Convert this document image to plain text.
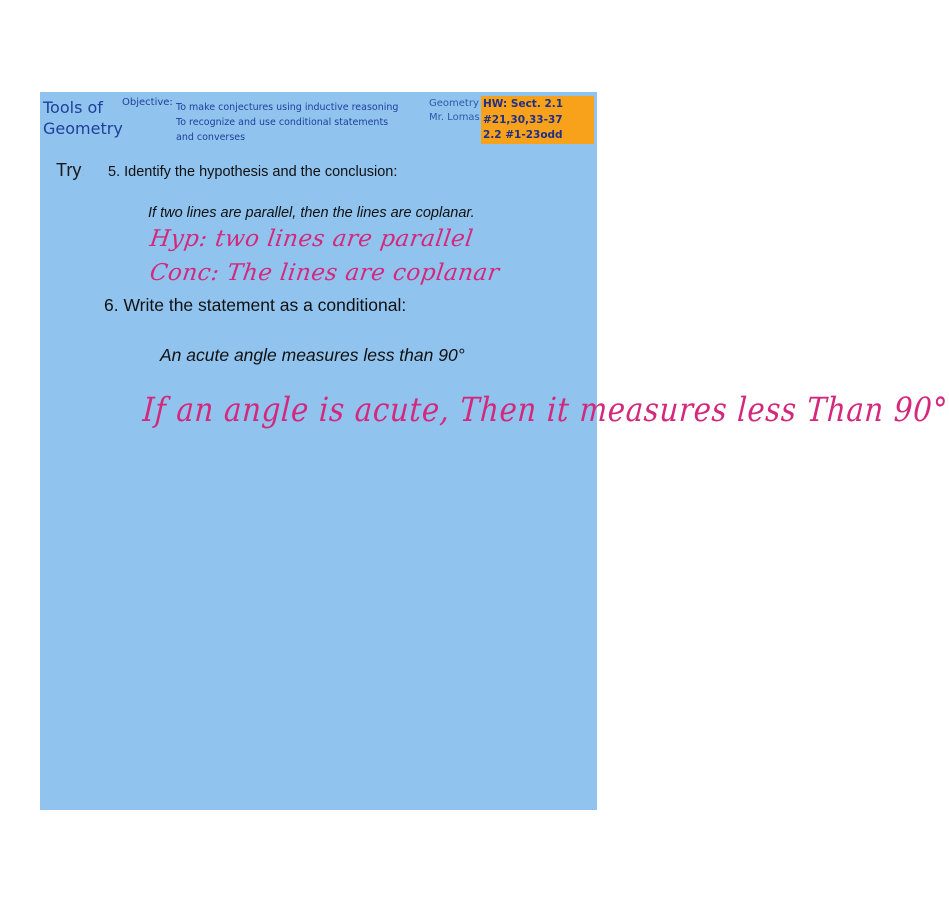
Tools of
Geometry
Objective: To make conjectures using inductive reasoning
To recognize and use conditional statements
and converses
Geometry
Mr. Lomas
HW: Sect. 2.1
#21,30,33-37
2.2 #1-23odd
Try: 5. Identify the hypothesis and the conclusion:
If two lines are parallel, then the lines are coplanar.
Hyp: two lines are parallel
Conc: The lines are coplanar
6. Write the statement as a conditional:
An acute angle measures less than 90°
If an angle is acute, Then it measures less Than 90°
